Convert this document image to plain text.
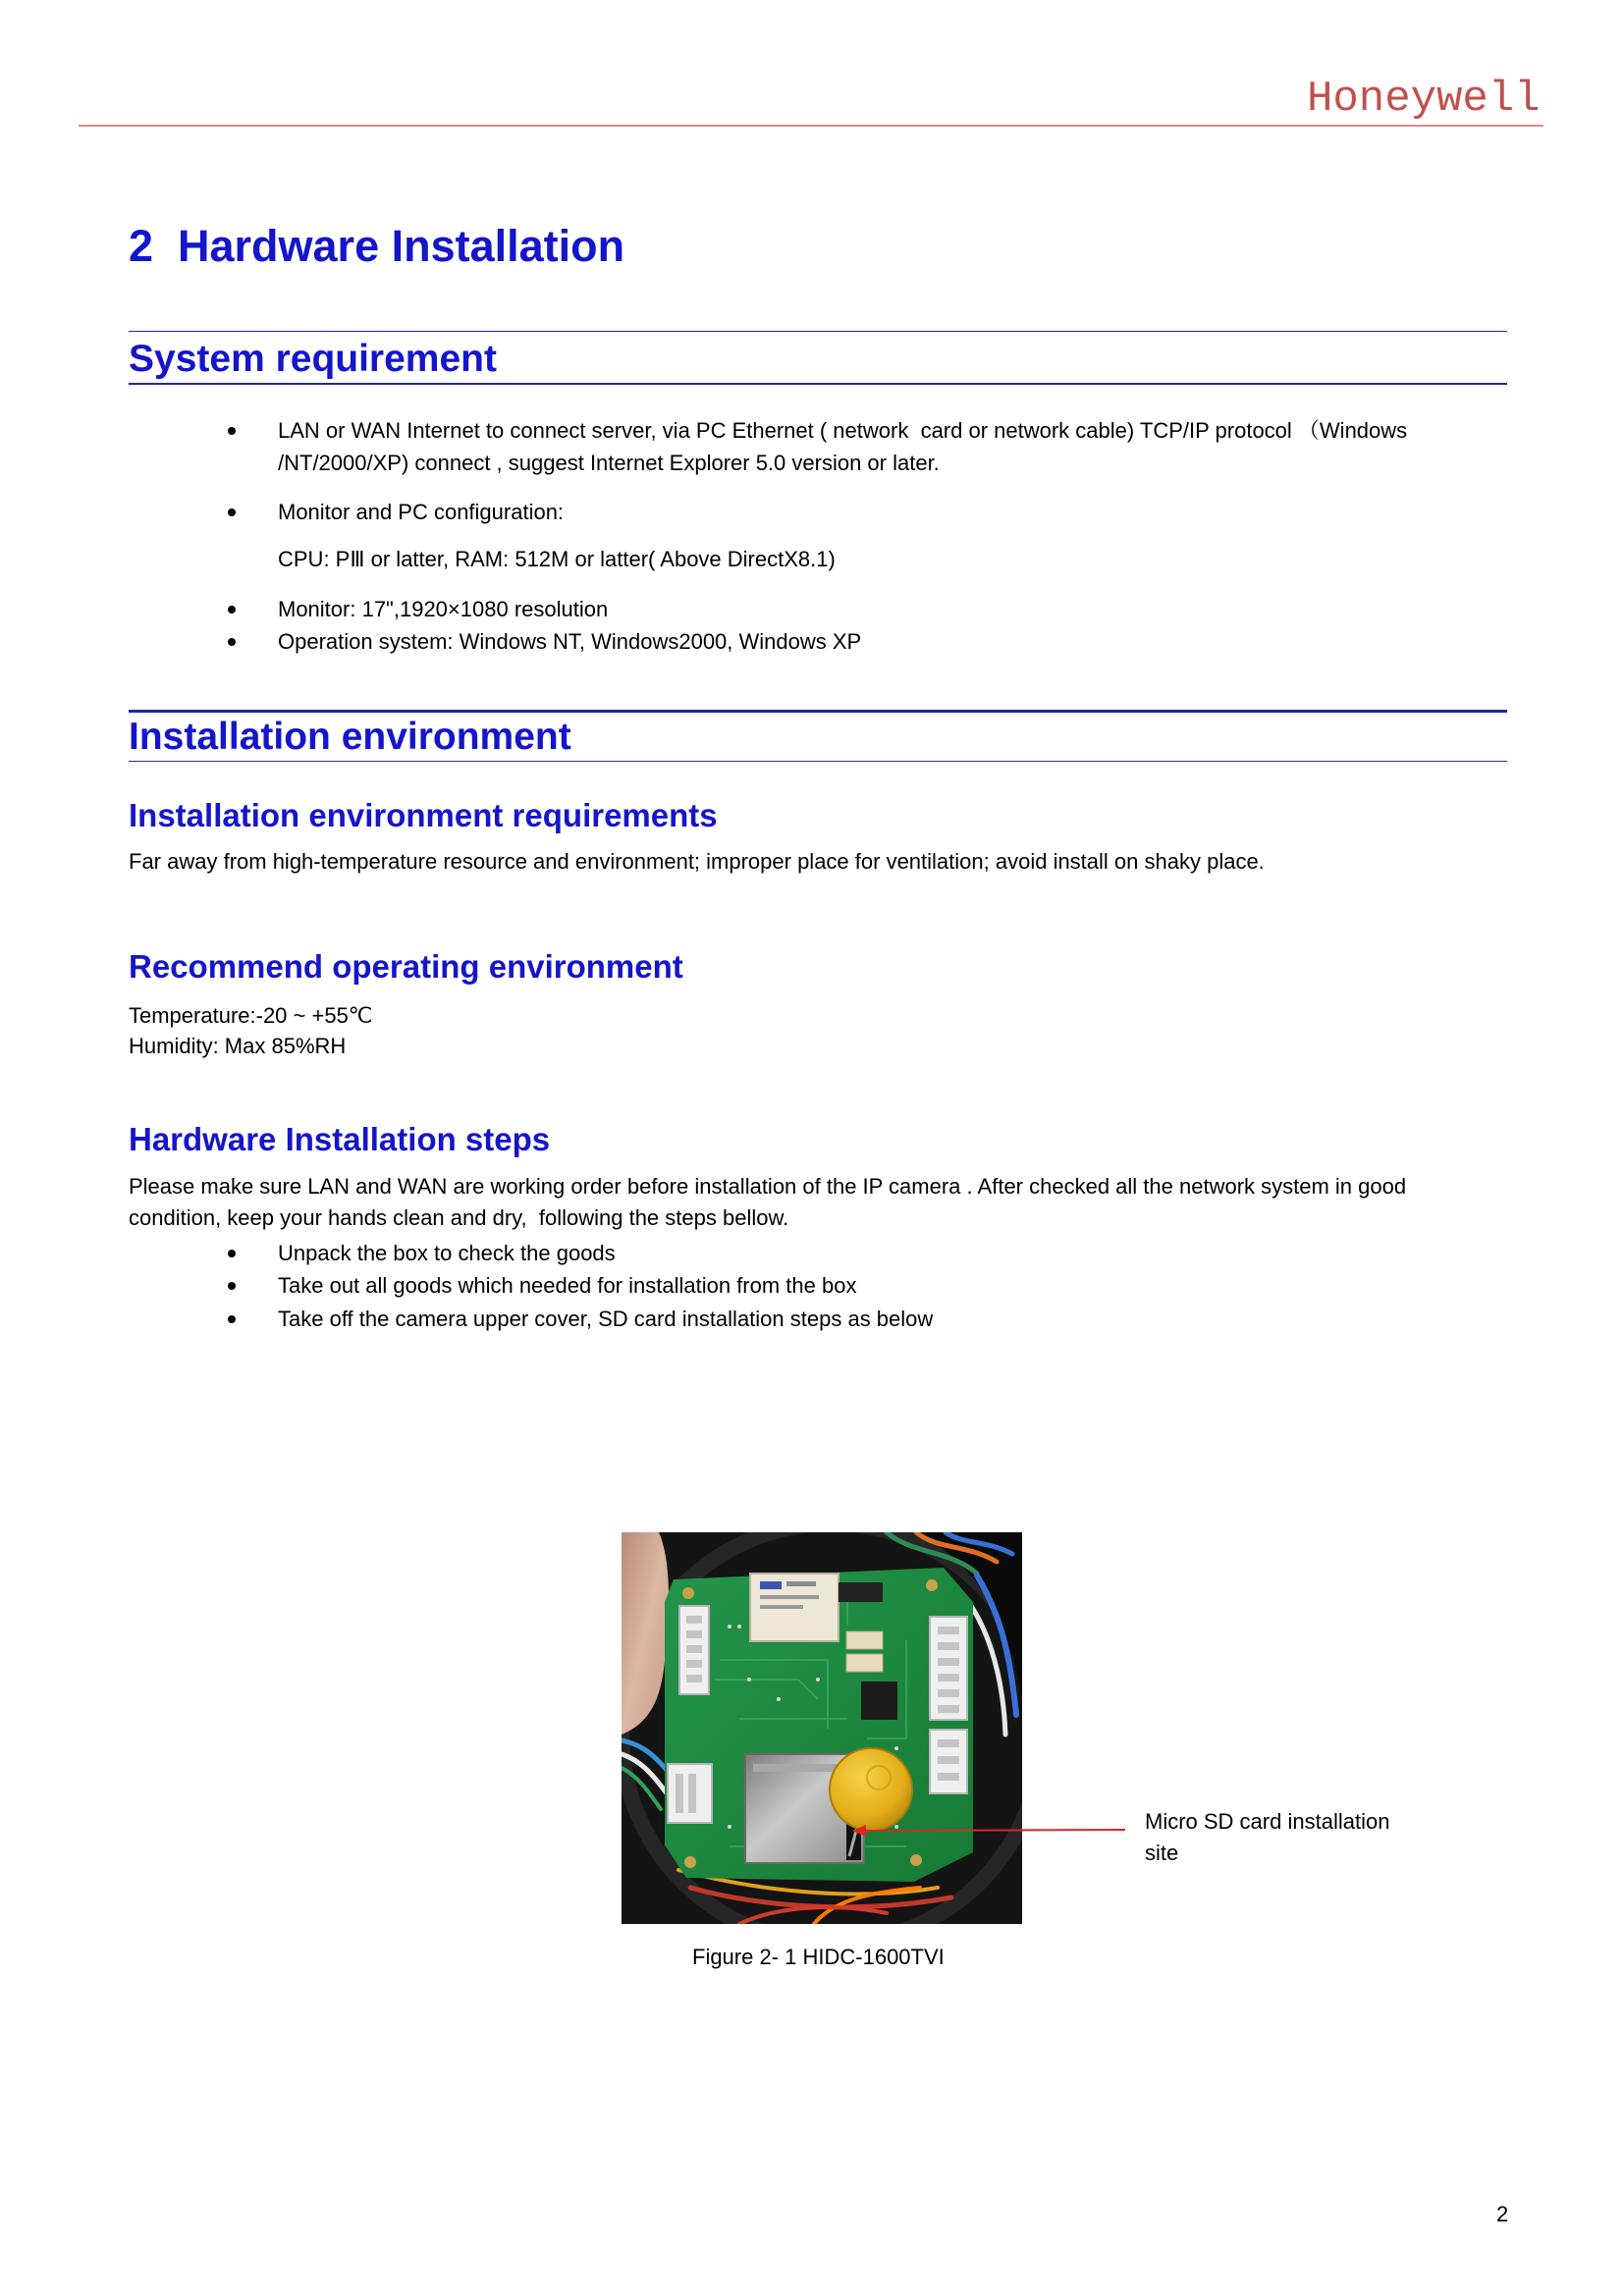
Honeywell
2 Hardware Installation
System requirement
LAN or WAN Internet to connect server, via PC Ethernet ( network  card or network cable) TCP/IP protocol （Windows
/NT/2000/XP) connect , suggest Internet Explorer 5.0 version or later.
Monitor and PC configuration:
CPU: PⅢ or latter, RAM: 512M or latter( Above DirectX8.1)
Monitor: 17",1920×1080 resolution
Operation system: Windows NT, Windows2000, Windows XP
Installation environment
Installation environment requirements
Far away from high-temperature resource and environment; improper place for ventilation; avoid install on shaky place.
Recommend operating environment
Temperature:-20 ~ +55℃
Humidity: Max 85%RH
Hardware Installation steps
Please make sure LAN and WAN are working order before installation of the IP camera . After checked all the network system in good
condition, keep your hands clean and dry,  following the steps bellow.
Unpack the box to check the goods
Take out all goods which needed for installation from the box
Take off the camera upper cover, SD card installation steps as below
Micro SD card installation
site
Figure 2- 1 HIDC-1600TVI
2
